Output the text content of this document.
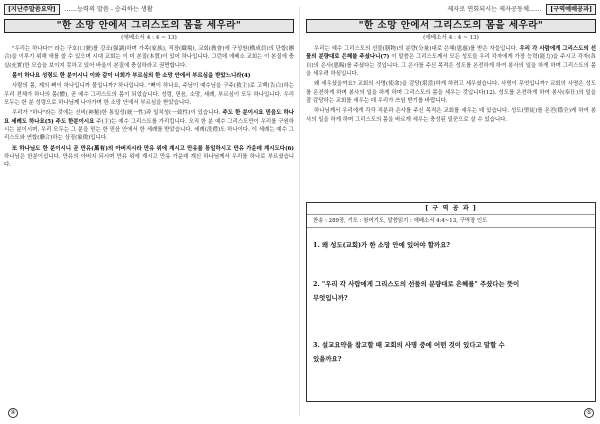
[지난주말씀요약] ……능력의 말씀 - 승리하는 생활
"한 소망 안에서 그리스도의 몸을 세우라"
(에베소서 4 : 4 ~ 13)

"우리는 하나다!" 라는 구호(口號)를 강조(强調)하며 가족(家族), 직장(職場), 교회(敎會)에 구성원(構成員)의 단합(團合)을 이루기 위해 애를 쓸 수 있으며 시대 교회는 이 미 본질(本質)이 있어 하나입니다. 그런데 에베소 교회는 이 본질에 충실(充實)한 모습을 보이지 못하고 있어 바울이 본질에 충실하라고 권면합니다.

몸이 하나요 성령도 한 분이시니 이와 같이 너희가 부르심의 한 소망 안에서 부르심을 받았느니라(4)

사람의 몸, 제의 뼈이 하나입니까 물입니까? 하나입니다. "뼈이 하나요, 주님이 예수님을 구주(救主)로 고백(告白)하는 우리 전체가 하나의 몸(體), 곧 예수 그리스도의 몸이 되었습니다. 성령, 믿음, 소망, 세례, 부르심이 모두 하나입니다. 우리 모두는 한 분 성령으로 하나님께 나아가며 한 소망 안에서 부르심을 받았습니다.

우리가 "하나"라는 것에는 신비(神秘)한 통일성(統一性)과 일치성(一致性)이 있습니다. 주도 한 분이시요 믿음도 하나요 세례도 하나요(5) 주도 한분이시요 주(主)는 예수 그리스도를 가리킵니다. 오직 한 분 예수 그리스도만이 우리를 구원하시는 분이시며, 우리 모두는 그 분을 믿는 한 믿음 안에서 한 세례를 받았습니다. 세례(洗禮)도 하나이다. 이 세례는 예수 그리스도와 연합(聯合)하는 상징(象徵)입니다.

또 하나님도 한 분이시니 곧 만유(萬有)의 아버지시라 만유 위에 계시고 만유를 통일하시고 만유 가운데 계시도다(6) 하나님은 한분이십니다. 만유의 아버지 되시며 만유 위에 계시고 만유 가운데 계신 하나님께서 우리를 하나로 부르셨습니다.

④
제자로 연회되시는 제자공동체…… [구역예배공과]
"한 소망 안에서 그리스도의 몸을 세우라"
(에베소서 4 : 4 ~ 13)

우리는 예수 그리스도의 선물(膳物)의 분량(分量)대로 은혜(恩惠)를 받은 자들입니다. 우리 각 사람에게 그리스도의 선물의 분량대로 은혜를 주셨나니(7) 이 말씀은 그리스도께서 모든 성도들 우리 각자에게 가장 능력(能力)을 주시고 각자(各自)의 은사(恩賜)를 주셨다는 것입니다. 그 은사를 주신 목적은 성도를 온전하게 하여 봉사의 일을 하게 하며 그리스도의 몸을 세우려 하심입니다.

왜 세우셨을까요? 교회의 사명(使命)을 감당(堪當)하게 하려고 세우셨습니다. 사명이 무엇입니까? 교회의 사명은 성도를 온전하게 하며 봉사의 일을 하게 하며 그리스도의 몸을 세우는 것입니다(12). 성도를 온전하게 하여 봉사(奉仕)의 일을 잘 감당하는 교회를 세우는 데 우리가 쓰임 받기를 바랍니다.

하나님께서 우리에게 각각 직분과 은사를 주신 목적은 교회를 세우는 데 있습니다. 성도(聖徒)를 온전(穩全)케 하여 봉사의 일을 하게 하며 그리스도의 몸을 바르게 세우는 충성된 일꾼으로 살 수 있습니다.

[ 구 역 공 과 ]
찬송 : 289장, 기도 : 참여기도, 말씀읽기 : 에베소서 4:4~13, 구역장 인도
1. 왜 성도(교회)가 한 소망 안에 있어야 할까요?
2. "우리 각 사람에게 그리스도의 선물의 분량대로 은혜를" 주셨다는 뜻이
무엇입니까?
3. 설교요약을 참고할 때 교회의 사명 중에 어떤 것이 있다고 말할 수
있을까요?
⑤
